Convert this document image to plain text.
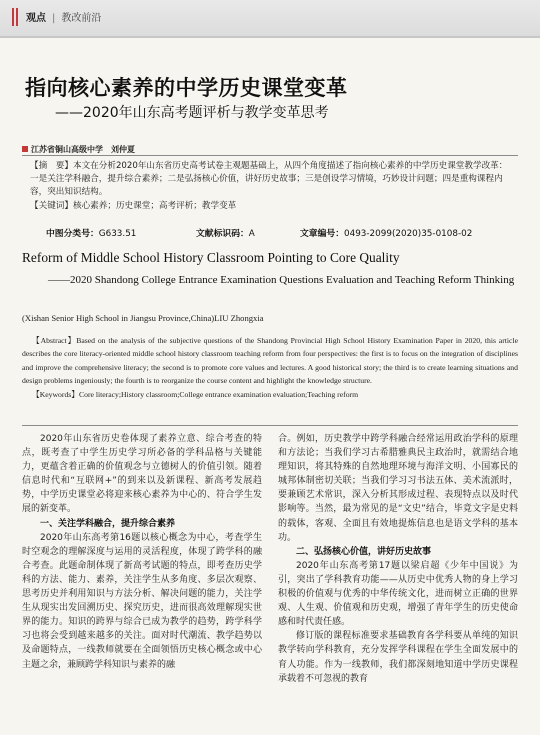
观点 | 教改前沿
指向核心素养的中学历史课堂变革
——2020年山东高考题评析与教学变革思考
江苏省铜山高级中学　刘仲夏

【摘　要】本文在分析2020年山东省历史高考试卷主观题基础上，从四个角度描述了指向核心素养的中学历史课堂教学改革：一是关注学科融合，提升综合素养；二是弘扬核心价值，讲好历史故事；三是创设学习情境，巧妙设计问题；四是重构课程内容，突出知识结构。

【关键词】核心素养；历史课堂；高考评析；教学变革

中图分类号：G633.51	文献标识码：A	文章编号：0493-2099(2020)35-0108-02
Reform of Middle School History Classroom Pointing to Core Quality
——2020 Shandong College Entrance Examination Questions Evaluation and Teaching Reform Thinking
(Xishan Senior High School in Jiangsu Province,China)LIU Zhongxia

【Abstract】Based on the analysis of the subjective questions of the Shandong Provincial High School History Examination Paper in 2020, this article describes the core literacy-oriented middle school history classroom teaching reform from four perspectives: the first is to focus on the integration of disciplines and improve the comprehensive literacy; the second is to promote core values and lectures. A good historical story; the third is to create learning situations and design problems ingeniously; the fourth is to reorganize the course content and highlight the knowledge structure.

【Keywords】Core literacy;History classroom;College entrance examination evaluation;Teaching reform

2020年山东省历史卷体现了素养立意、综合考查的特点，既考查了中学生历史学习所必备的学科品格与关键能力，更蕴含着正确的价值观念与立德树人的价值引领。随着信息时代和“互联网+”的到来以及新课程、新高考发展趋势，中学历史课堂必将迎来核心素养为中心的、符合学生发展的新变革。

一、关注学科融合，提升综合素养

2020年山东高考第16题以核心概念为中心，考查学生时空观念的理解深度与运用的灵活程度，体现了跨学科的融合考查。此题命制体现了新高考试题的特点，即考查历史学科的方法、能力、素养，关注学生从多角度、多层次观察、思考历史并利用知识与方法分析、解决问题的能力，关注学生从现实出发回溯历史、探究历史，进而很高效理解现实世界的能力。知识的跨界与综合已成为教学的趋势，跨学科学习也将会受到越来越多的关注。面对时代潮流、教学趋势以及命题特点，一线教师就要在全面领悟历史核心概念或中心主题之余，兼顾跨学科知识与素养的融

合。例如，历史教学中跨学科融合经常运用政治学科的原理和方法论；当我们学习古希腊雅典民主政治时，就需结合地理知识，将其特殊的自然地理环境与海洋文明、小国寡民的城邦体制密切关联；当我们学习习书法五体、美术流派时，要兼顾艺术常识，深入分析其形成过程、表现特点以及时代影响等。当然，最为常见的是“文史”结合，毕竟文字是史料的载体，客观、全面且有效地提炼信息也是语文学科的基本功。

二、弘扬核心价值，讲好历史故事

2020年山东高考第17题以梁启超《少年中国说》为引，突出了学科教育功能——从历史中优秀人物的身上学习积极的价值观与优秀的中华传统文化，进而树立正确的世界观、人生观、价值观和历史观，增强了青年学生的历史使命感和时代责任感。

修订版的课程标准要求基础教育各学科要从单纯的知识教学转向学科教育，充分发挥学科课程在学生全面发展中的育人功能。作为一线教师，我们都深刻地知道中学历史课程承载着不可忽视的教育
